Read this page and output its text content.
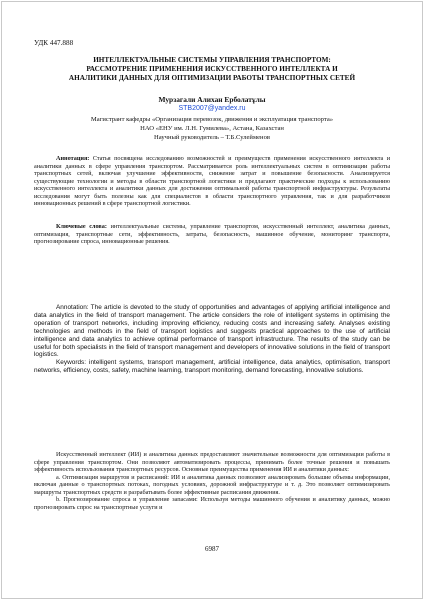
УДК 447.888
ИНТЕЛЛЕКТУАЛЬНЫЕ СИСТЕМЫ УПРАВЛЕНИЯ ТРАНСПОРТОМ:
РАССМОТРЕНИЕ ПРИМЕНЕНИЯ ИСКУССТВЕННОГО ИНТЕЛЛЕКТА И
АНАЛИТИКИ ДАННЫХ ДЛЯ ОПТИМИЗАЦИИ РАБОТЫ ТРАНСПОРТНЫХ СЕТЕЙ
Мурзагали Алихан Ерболатұлы
STB2007@yandex.ru
Магистрант кафедры «Организация перевозок, движения и эксплуатация транспорта»
НАО «ЕНУ им. Л.Н. Гумилева», Астана, Казахстан
Научный руководитель – Т.Б.Сулейменов

Аннотация: Статья посвящена исследованию возможностей и преимуществ применения искусственного интеллекта и аналитики данных в сфере управления транспортом. Рассматривается роль интеллектуальных систем в оптимизации работы транспортных сетей, включая улучшение эффективности, снижение затрат и повышение безопасности. Анализируется существующие технологии и методы в области транспортной логистики и предлагают практические подходы к использованию искусственного интеллекта и аналитики данных для достижения оптимальной работы транспортной инфраструктуры. Результаты исследования могут быть полезны как для специалистов в области транспортного управления, так и для разработчиков инновационных решений в сфере транспортной логистики.

Ключевые слова: интеллектуальные системы, управление транспортом, искусственный интеллект, аналитика данных, оптимизация, транспортные сети, эффективность, затраты, безопасность, машинное обучение, мониторинг транспорта, прогнозирование спроса, инновационные решения.

Annotation: The article is devoted to the study of opportunities and advantages of applying artificial intelligence and data analytics in the field of transport management. The article considers the role of intelligent systems in optimising the operation of transport networks, including improving efficiency, reducing costs and increasing safety. Analyses existing technologies and methods in the field of transport logistics and suggests practical approaches to the use of artificial intelligence and data analytics to achieve optimal performance of transport infrastructure. The results of the study can be useful for both specialists in the field of transport management and developers of innovative solutions in the field of transport logistics.

Keywords: intelligent systems, transport management, artificial intelligence, data analytics, optimisation, transport networks, efficiency, costs, safety, machine learning, transport monitoring, demand forecasting, innovative solutions.

Искусственный интеллект (ИИ) и аналитика данных предоставляют значительные возможности для оптимизации работы в сфере управления транспортом. Они позволяют автоматизировать процессы, принимать более точные решения и повышать эффективность использования транспортных ресурсов. Основные преимущества применения ИИ и аналитики данных:

a. Оптимизация маршрутов и расписаний: ИИ и аналитика данных позволяют анализировать большие объемы информации, включая данные о транспортных потоках, погодных условиях, дорожной инфраструктуре и т. д. Это позволяет оптимизировать маршруты транспортных средств и разрабатывать более эффективные расписания движения.

b. Прогнозирование спроса и управление запасами: Используя методы машинного обучения и аналитику данных, можно прогнозировать спрос на транспортные услуги и

6987
